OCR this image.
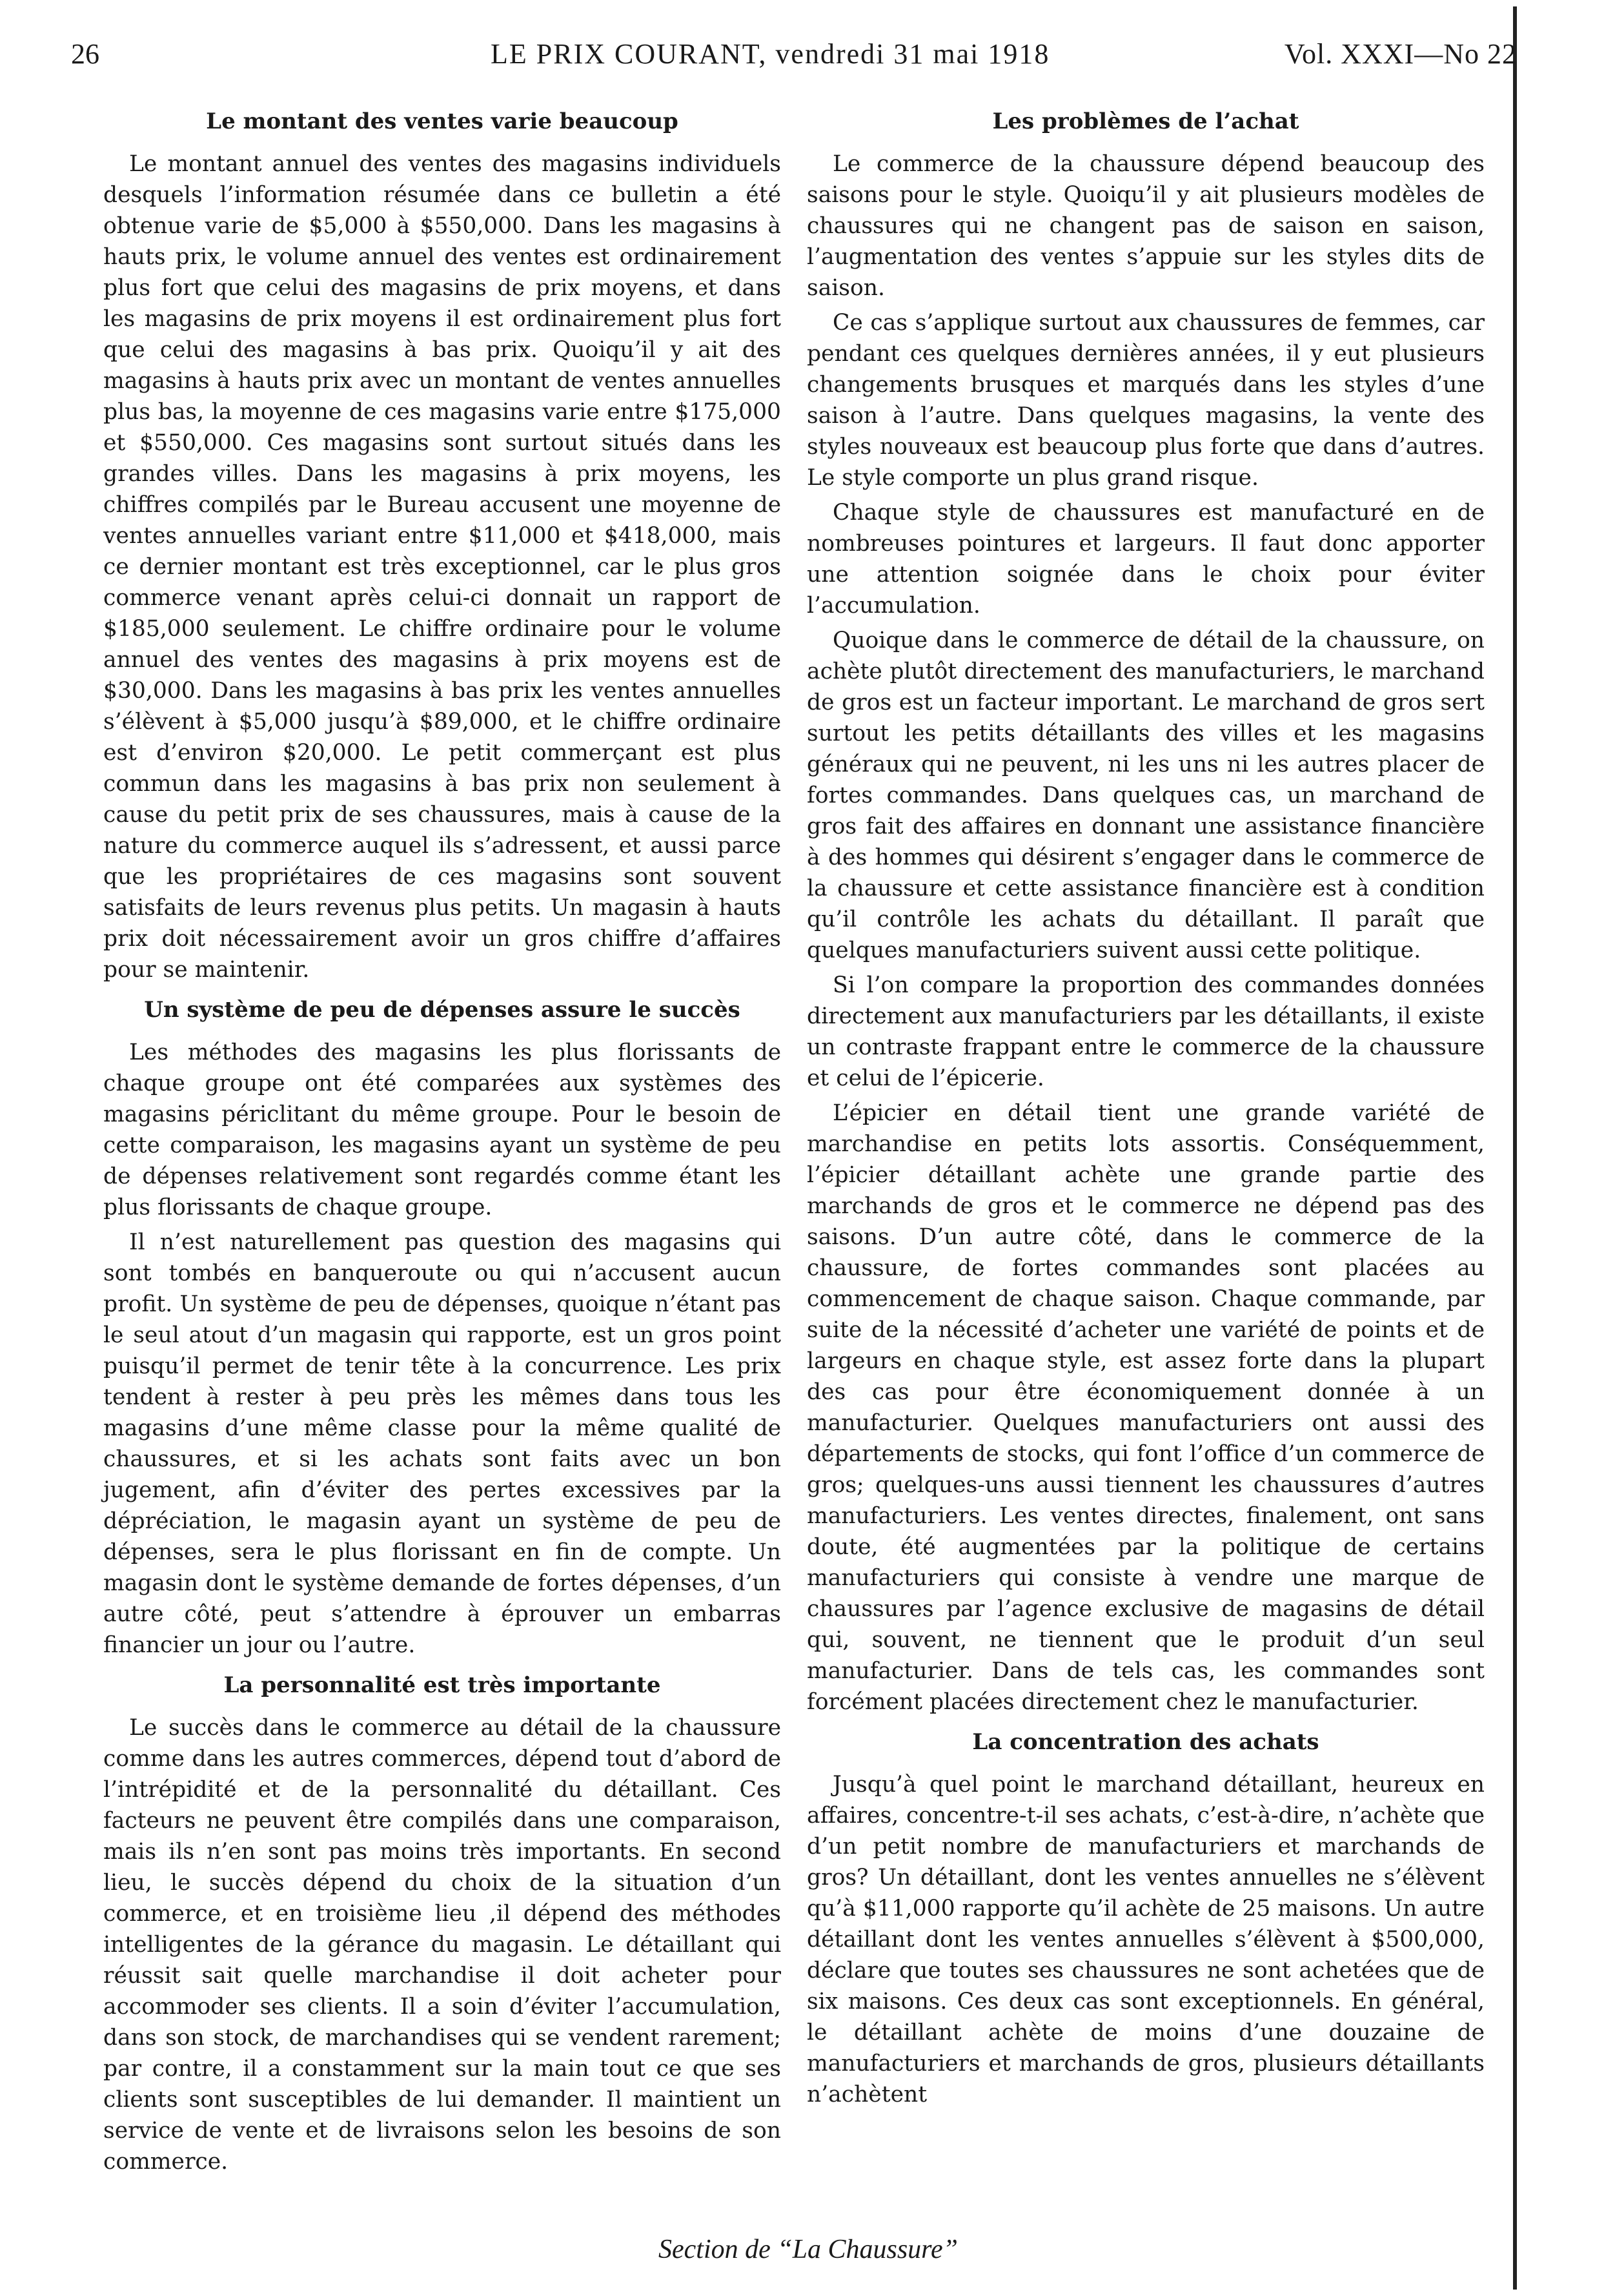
26	LE PRIX COURANT, vendredi 31 mai 1918	Vol. XXXI—No 22
Le montant des ventes varie beaucoup

Le montant annuel des ventes des magasins individuels desquels l’information résumée dans ce bulletin a été obtenue varie de $5,000 à $550,000. Dans les magasins à hauts prix, le volume annuel des ventes est ordinairement plus fort que celui des magasins de prix moyens, et dans les magasins de prix moyens il est ordinairement plus fort que celui des magasins à bas prix. Quoiqu’il y ait des magasins à hauts prix avec un montant de ventes annuelles plus bas, la moyenne de ces magasins varie entre $175,000 et $550,000. Ces magasins sont surtout situés dans les grandes villes. Dans les magasins à prix moyens, les chiffres compilés par le Bureau accusent une moyenne de ventes annuelles variant entre $11,000 et $418,000, mais ce dernier montant est très exceptionnel, car le plus gros commerce venant après celui-ci donnait un rapport de $185,000 seulement. Le chiffre ordinaire pour le volume annuel des ventes des magasins à prix moyens est de $30,000. Dans les magasins à bas prix les ventes annuelles s’élèvent à $5,000 jusqu’à $89,000, et le chiffre ordinaire est d’environ $20,000. Le petit commerçant est plus commun dans les magasins à bas prix non seulement à cause du petit prix de ses chaussures, mais à cause de la nature du commerce auquel ils s’adressent, et aussi parce que les propriétaires de ces magasins sont souvent satisfaits de leurs revenus plus petits. Un magasin à hauts prix doit nécessairement avoir un gros chiffre d’affaires pour se maintenir.

Un système de peu de dépenses assure le succès

Les méthodes des magasins les plus florissants de chaque groupe ont été comparées aux systèmes des magasins périclitant du même groupe. Pour le besoin de cette comparaison, les magasins ayant un système de peu de dépenses relativement sont regardés comme étant les plus florissants de chaque groupe.

Il n’est naturellement pas question des magasins qui sont tombés en banqueroute ou qui n’accusent aucun profit. Un système de peu de dépenses, quoique n’étant pas le seul atout d’un magasin qui rapporte, est un gros point puisqu’il permet de tenir tête à la concurrence. Les prix tendent à rester à peu près les mêmes dans tous les magasins d’une même classe pour la même qualité de chaussures, et si les achats sont faits avec un bon jugement, afin d’éviter des pertes excessives par la dépréciation, le magasin ayant un système de peu de dépenses, sera le plus florissant en fin de compte. Un magasin dont le système demande de fortes dépenses, d’un autre côté, peut s’attendre à éprouver un embarras financier un jour ou l’autre.

La personnalité est très importante

Le succès dans le commerce au détail de la chaussure comme dans les autres commerces, dépend tout d’abord de l’intrépidité et de la personnalité du détaillant. Ces facteurs ne peuvent être compilés dans une comparaison, mais ils n’en sont pas moins très importants. En second lieu, le succès dépend du choix de la situation d’un commerce, et en troisième lieu ,il dépend des méthodes intelligentes de la gérance du magasin. Le détaillant qui réussit sait quelle marchandise il doit acheter pour accommoder ses clients. Il a soin d’éviter l’accumulation, dans son stock, de marchandises qui se vendent rarement; par contre, il a constamment sur la main tout ce que ses clients sont susceptibles de lui demander. Il maintient un service de vente et de livraisons selon les besoins de son commerce.

Les problèmes de l’achat

Le commerce de la chaussure dépend beaucoup des saisons pour le style. Quoiqu’il y ait plusieurs modèles de chaussures qui ne changent pas de saison en saison, l’augmentation des ventes s’appuie sur les styles dits de saison.

Ce cas s’applique surtout aux chaussures de femmes, car pendant ces quelques dernières années, il y eut plusieurs changements brusques et marqués dans les styles d’une saison à l’autre. Dans quelques magasins, la vente des styles nouveaux est beaucoup plus forte que dans d’autres. Le style comporte un plus grand risque.

Chaque style de chaussures est manufacturé en de nombreuses pointures et largeurs. Il faut donc apporter une attention soignée dans le choix pour éviter l’accumulation.

Quoique dans le commerce de détail de la chaussure, on achète plutôt directement des manufacturiers, le marchand de gros est un facteur important. Le marchand de gros sert surtout les petits détaillants des villes et les magasins généraux qui ne peuvent, ni les uns ni les autres placer de fortes commandes. Dans quelques cas, un marchand de gros fait des affaires en donnant une assistance financière à des hommes qui désirent s’engager dans le commerce de la chaussure et cette assistance financière est à condition qu’il contrôle les achats du détaillant. Il paraît que quelques manufacturiers suivent aussi cette politique.

Si l’on compare la proportion des commandes données directement aux manufacturiers par les détaillants, il existe un contraste frappant entre le commerce de la chaussure et celui de l’épicerie.

L’épicier en détail tient une grande variété de marchandise en petits lots assortis. Conséquemment, l’épicier détaillant achète une grande partie des marchands de gros et le commerce ne dépend pas des saisons. D’un autre côté, dans le commerce de la chaussure, de fortes commandes sont placées au commencement de chaque saison. Chaque commande, par suite de la nécessité d’acheter une variété de points et de largeurs en chaque style, est assez forte dans la plupart des cas pour être économiquement donnée à un manufacturier. Quelques manufacturiers ont aussi des départements de stocks, qui font l’office d’un commerce de gros; quelques-uns aussi tiennent les chaussures d’autres manufacturiers. Les ventes directes, finalement, ont sans doute, été augmentées par la politique de certains manufacturiers qui consiste à vendre une marque de chaussures par l’agence exclusive de magasins de détail qui, souvent, ne tiennent que le produit d’un seul manufacturier. Dans de tels cas, les commandes sont forcément placées directement chez le manufacturier.

La concentration des achats

Jusqu’à quel point le marchand détaillant, heureux en affaires, concentre-t-il ses achats, c’est-à-dire, n’achète que d’un petit nombre de manufacturiers et marchands de gros? Un détaillant, dont les ventes annuelles ne s’élèvent qu’à $11,000 rapporte qu’il achète de 25 maisons. Un autre détaillant dont les ventes annuelles s’élèvent à $500,000, déclare que toutes ses chaussures ne sont achetées que de six maisons. Ces deux cas sont exceptionnels. En général, le détaillant achète de moins d’une douzaine de manufacturiers et marchands de gros, plusieurs détaillants n’achètent

Section de “La Chaussure”
